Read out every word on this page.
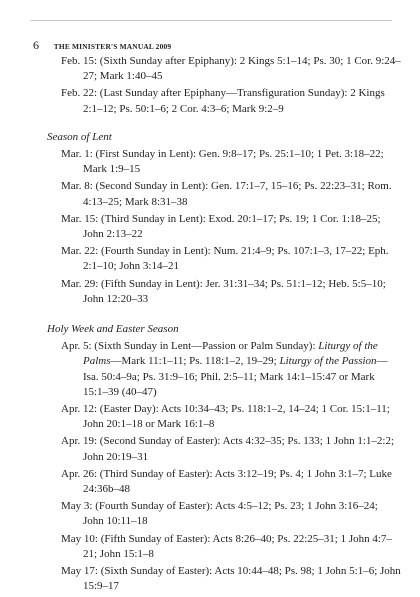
6 THE MINISTER'S MANUAL 2009
Feb. 15: (Sixth Sunday after Epiphany): 2 Kings 5:1–14; Ps. 30; 1 Cor. 9:24–27; Mark 1:40–45
Feb. 22: (Last Sunday after Epiphany—Transfiguration Sunday): 2 Kings 2:1–12; Ps. 50:1–6; 2 Cor. 4:3–6; Mark 9:2–9
Season of Lent
Mar. 1: (First Sunday in Lent): Gen. 9:8–17; Ps. 25:1–10; 1 Pet. 3:18–22; Mark 1:9–15
Mar. 8: (Second Sunday in Lent): Gen. 17:1–7, 15–16; Ps. 22:23–31; Rom. 4:13–25; Mark 8:31–38
Mar. 15: (Third Sunday in Lent): Exod. 20:1–17; Ps. 19; 1 Cor. 1:18–25; John 2:13–22
Mar. 22: (Fourth Sunday in Lent): Num. 21:4–9; Ps. 107:1–3, 17–22; Eph. 2:1–10; John 3:14–21
Mar. 29: (Fifth Sunday in Lent): Jer. 31:31–34; Ps. 51:1–12; Heb. 5:5–10; John 12:20–33
Holy Week and Easter Season
Apr. 5: (Sixth Sunday in Lent—Passion or Palm Sunday): Liturgy of the Palms—Mark 11:1–11; Ps. 118:1–2, 19–29; Liturgy of the Passion—Isa. 50:4–9a; Ps. 31:9–16; Phil. 2:5–11; Mark 14:1–15:47 or Mark 15:1–39 (40–47)
Apr. 12: (Easter Day): Acts 10:34–43; Ps. 118:1–2, 14–24; 1 Cor. 15:1–11; John 20:1–18 or Mark 16:1–8
Apr. 19: (Second Sunday of Easter): Acts 4:32–35; Ps. 133; 1 John 1:1–2:2; John 20:19–31
Apr. 26: (Third Sunday of Easter): Acts 3:12–19; Ps. 4; 1 John 3:1–7; Luke 24:36b–48
May 3: (Fourth Sunday of Easter): Acts 4:5–12; Ps. 23; 1 John 3:16–24; John 10:11–18
May 10: (Fifth Sunday of Easter): Acts 8:26–40; Ps. 22:25–31; 1 John 4:7–21; John 15:1–8
May 17: (Sixth Sunday of Easter): Acts 10:44–48; Ps. 98; 1 John 5:1–6; John 15:9–17
